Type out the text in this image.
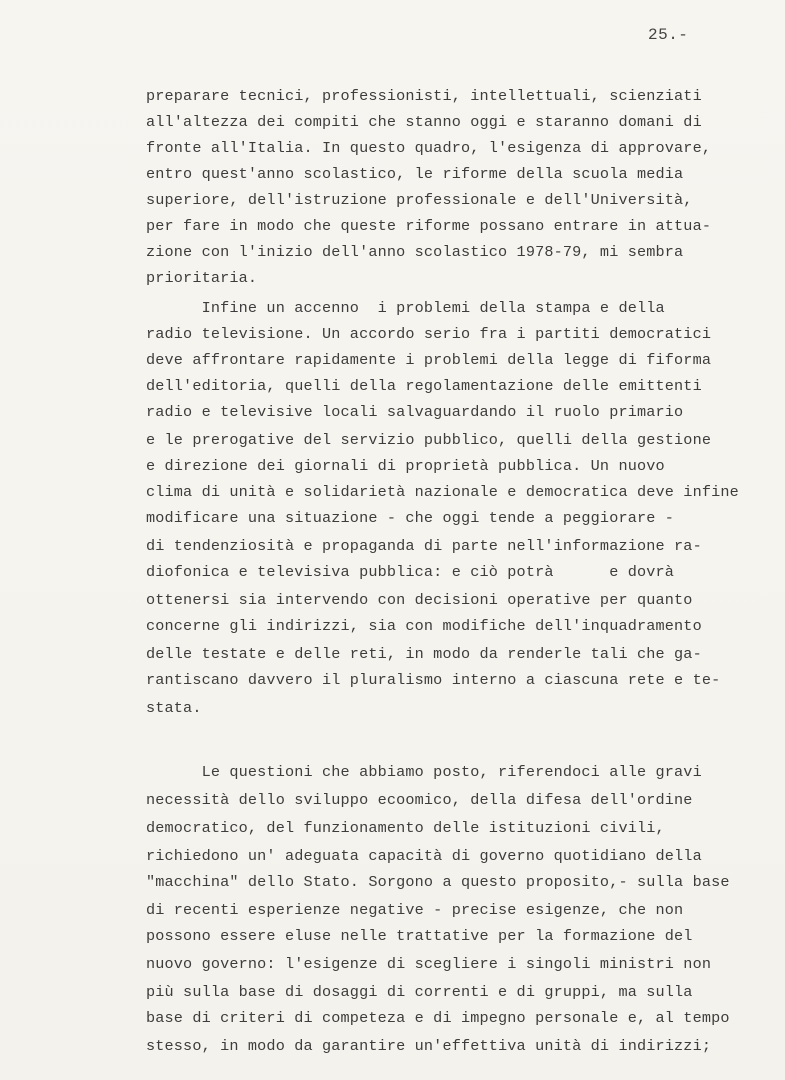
25.-
preparare tecnici, professionisti, intellettuali, scienziati
all'altezza dei compiti che stanno oggi e staranno domani di
fronte all'Italia. In questo quadro, l'esigenza di approvare,
entro quest'anno scolastico, le riforme della scuola media
superiore, dell'istruzione professionale e dell'Università,
per fare in modo che queste riforme possano entrare in attua-
zione con l'inizio dell'anno scolastico 1978-79, mi sembra
prioritaria.
Infine un accenno  i problemi della stampa e della
radio televisione. Un accordo serio fra i partiti democratici
deve affrontare rapidamente i problemi della legge di fiforma
dell'editoria, quelli della regolamentazione delle emittenti
radio e televisive locali salvaguardando il ruolo primario
e le prerogative del servizio pubblico, quelli della gestione
e direzione dei giornali di proprietà pubblica. Un nuovo
clima di unità e solidarietà nazionale e democratica deve infine
modificare una situazione - che oggi tende a peggiorare -
di tendenziosità e propaganda di parte nell'informazione ra-
diofonica e televisiva pubblica: e ciò potrà      e dovrà
ottenersi sia intervendo con decisioni operative per quanto
concerne gli indirizzi, sia con modifiche dell'inquadramento
delle testate e delle reti, in modo da renderle tali che ga-
rantiscano davvero il pluralismo interno a ciascuna rete e te-
stata.
Le questioni che abbiamo posto, riferendoci alle gravi
necessità dello sviluppo ecoomico, della difesa dell'ordine
democratico, del funzionamento delle istituzioni civili,
richiedono un' adeguata capacità di governo quotidiano della
"macchina" dello Stato. Sorgono a questo proposito,- sulla base
di recenti esperienze negative - precise esigenze, che non
possono essere eluse nelle trattative per la formazione del
nuovo governo: l'esigenze di scegliere i singoli ministri non
più sulla base di dosaggi di correnti e di gruppi, ma sulla
base di criteri di competeza e di impegno personale e, al tempo
stesso, in modo da garantire un'effettiva unità di indirizzi;
